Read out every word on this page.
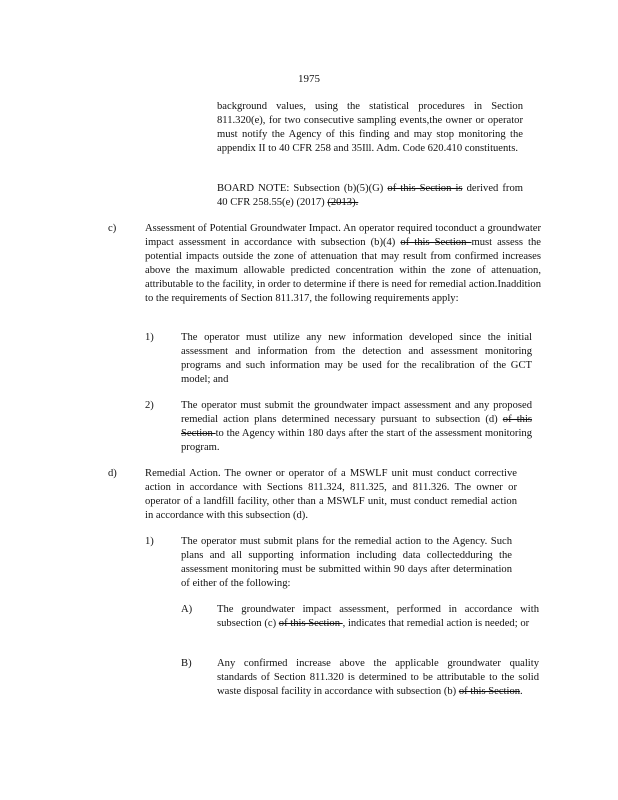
1975
background values, using the statistical procedures in Section 811.320(e), for two consecutive sampling events,the owner or operator must notify the Agency of this finding and may stop monitoring the appendix II to 40 CFR 258 and 35Ill. Adm. Code 620.410 constituents.
BOARD NOTE: Subsection (b)(5)(G) of this Section is derived from 40 CFR 258.55(e) (2017) (2013).
c)	Assessment of Potential Groundwater Impact. An operator required toconduct a groundwater impact assessment in accordance with subsection (b)(4) of this Section must assess the potential impacts outside the zone of attenuation that may result from confirmed increases above the maximum allowable predicted concentration within the zone of attenuation, attributable to the facility, in order to determine if there is need for remedial action.Inaddition to the requirements of Section 811.317, the following requirements apply:
1)	The operator must utilize any new information developed since the initial assessment and information from the detection and assessment monitoring programs and such information may be used for the recalibration of the GCT model; and
2)	The operator must submit the groundwater impact assessment and any proposed remedial action plans determined necessary pursuant to subsection (d) of this Section to the Agency within 180 days after the start of the assessment monitoring program.
d)	Remedial Action. The owner or operator of a MSWLF unit must conduct corrective action in accordance with Sections 811.324, 811.325, and 811.326. The owner or operator of a landfill facility, other than a MSWLF unit, must conduct remedial action in accordance with this subsection (d).
1)	The operator must submit plans for the remedial action to the Agency. Such plans and all supporting information including data collectedduring the assessment monitoring must be submitted within 90 days after determination of either of the following:
A) The groundwater impact assessment, performed in accordance with subsection (c) of this Section , indicates that remedial action is needed; or
B) Any confirmed increase above the applicable groundwater quality standards of Section 811.320 is determined to be attributable to the solid waste disposal facility in accordance with subsection (b) of this Section.
